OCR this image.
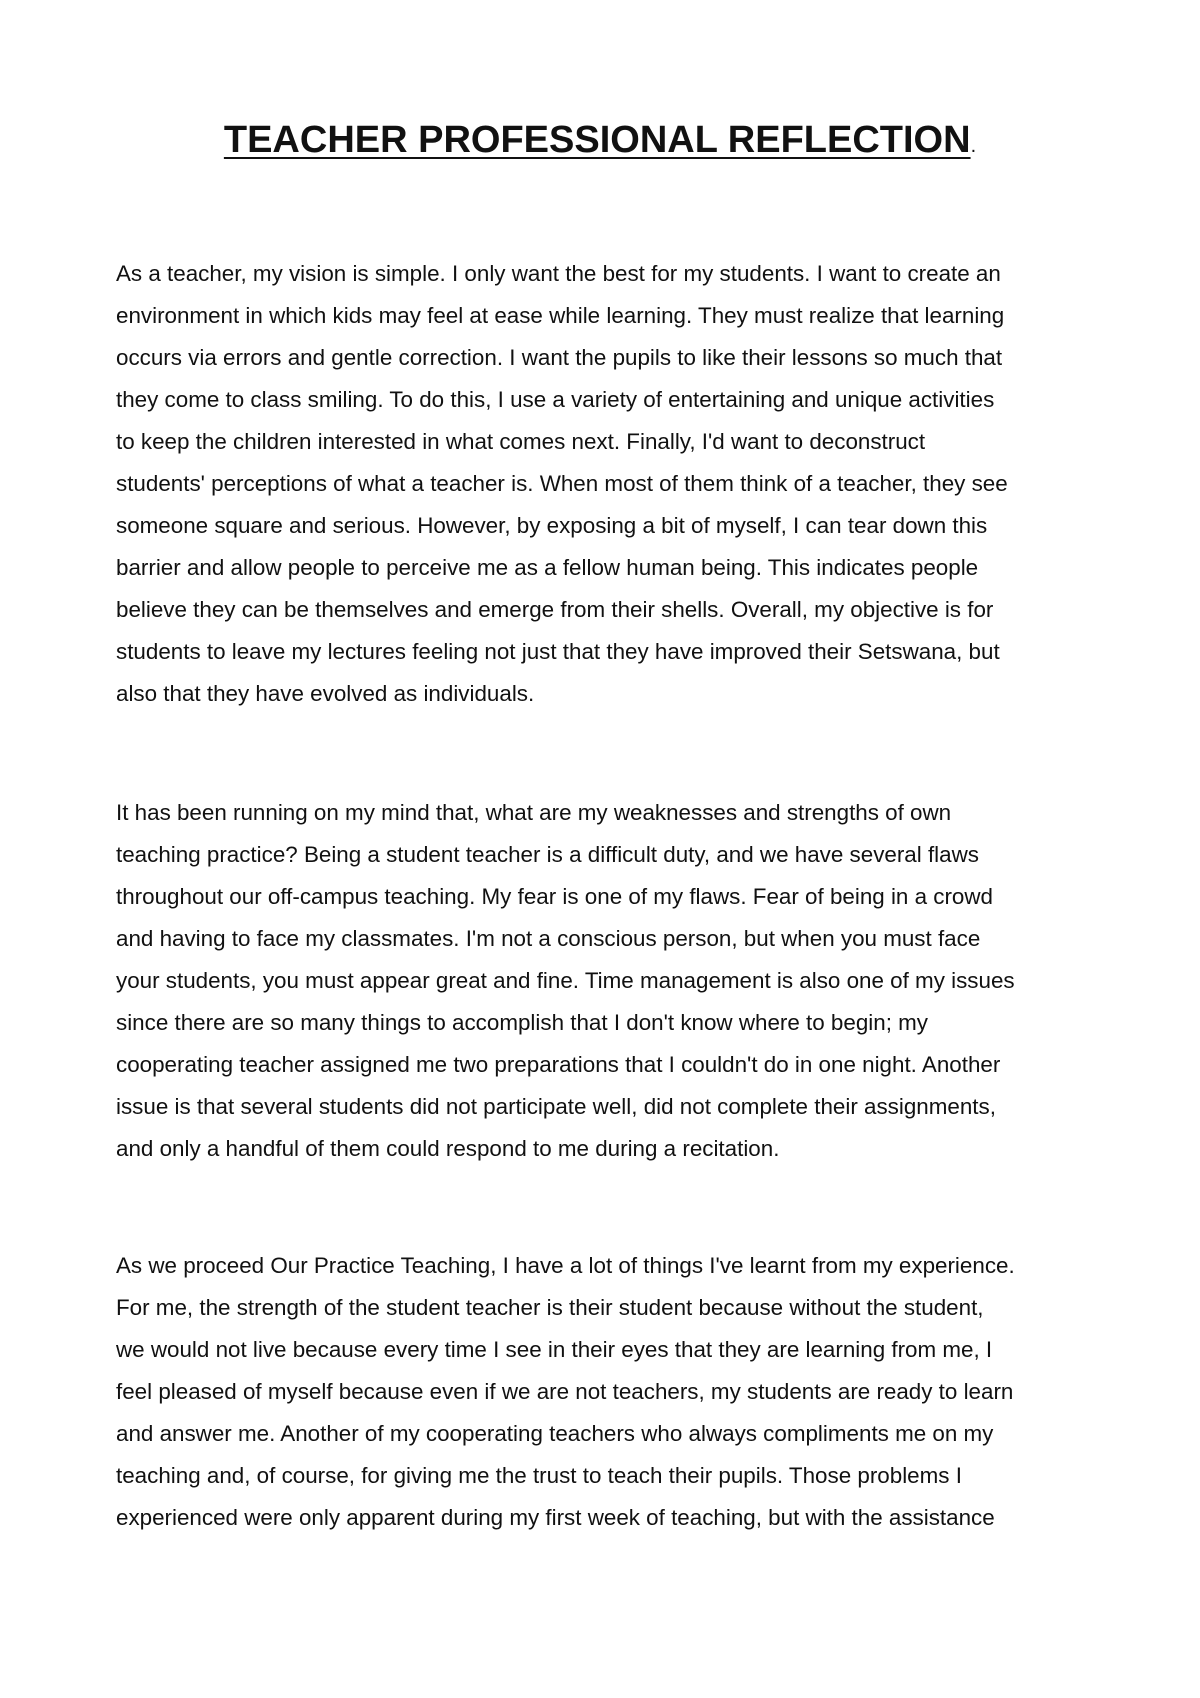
TEACHER PROFESSIONAL REFLECTION.
As a teacher, my vision is simple. I only want the best for my students. I want to create an
environment in which kids may feel at ease while learning. They must realize that learning
occurs via errors and gentle correction. I want the pupils to like their lessons so much that
they come to class smiling. To do this, I use a variety of entertaining and unique activities
to keep the children interested in what comes next. Finally, I'd want to deconstruct
students' perceptions of what a teacher is. When most of them think of a teacher, they see
someone square and serious. However, by exposing a bit of myself, I can tear down this
barrier and allow people to perceive me as a fellow human being. This indicates people
believe they can be themselves and emerge from their shells. Overall, my objective is for
students to leave my lectures feeling not just that they have improved their Setswana, but
also that they have evolved as individuals.
It has been running on my mind that, what are my weaknesses and strengths of own
teaching practice? Being a student teacher is a difficult duty, and we have several flaws
throughout our off-campus teaching. My fear is one of my flaws. Fear of being in a crowd
and having to face my classmates. I'm not a conscious person, but when you must face
your students, you must appear great and fine. Time management is also one of my issues
since there are so many things to accomplish that I don't know where to begin; my
cooperating teacher assigned me two preparations that I couldn't do in one night. Another
issue is that several students did not participate well, did not complete their assignments,
and only a handful of them could respond to me during a recitation.
As we proceed Our Practice Teaching, I have a lot of things I've learnt from my experience.
For me, the strength of the student teacher is their student because without the student,
we would not live because every time I see in their eyes that they are learning from me, I
feel pleased of myself because even if we are not teachers, my students are ready to learn
and answer me. Another of my cooperating teachers who always compliments me on my
teaching and, of course, for giving me the trust to teach their pupils. Those problems I
experienced were only apparent during my first week of teaching, but with the assistance
